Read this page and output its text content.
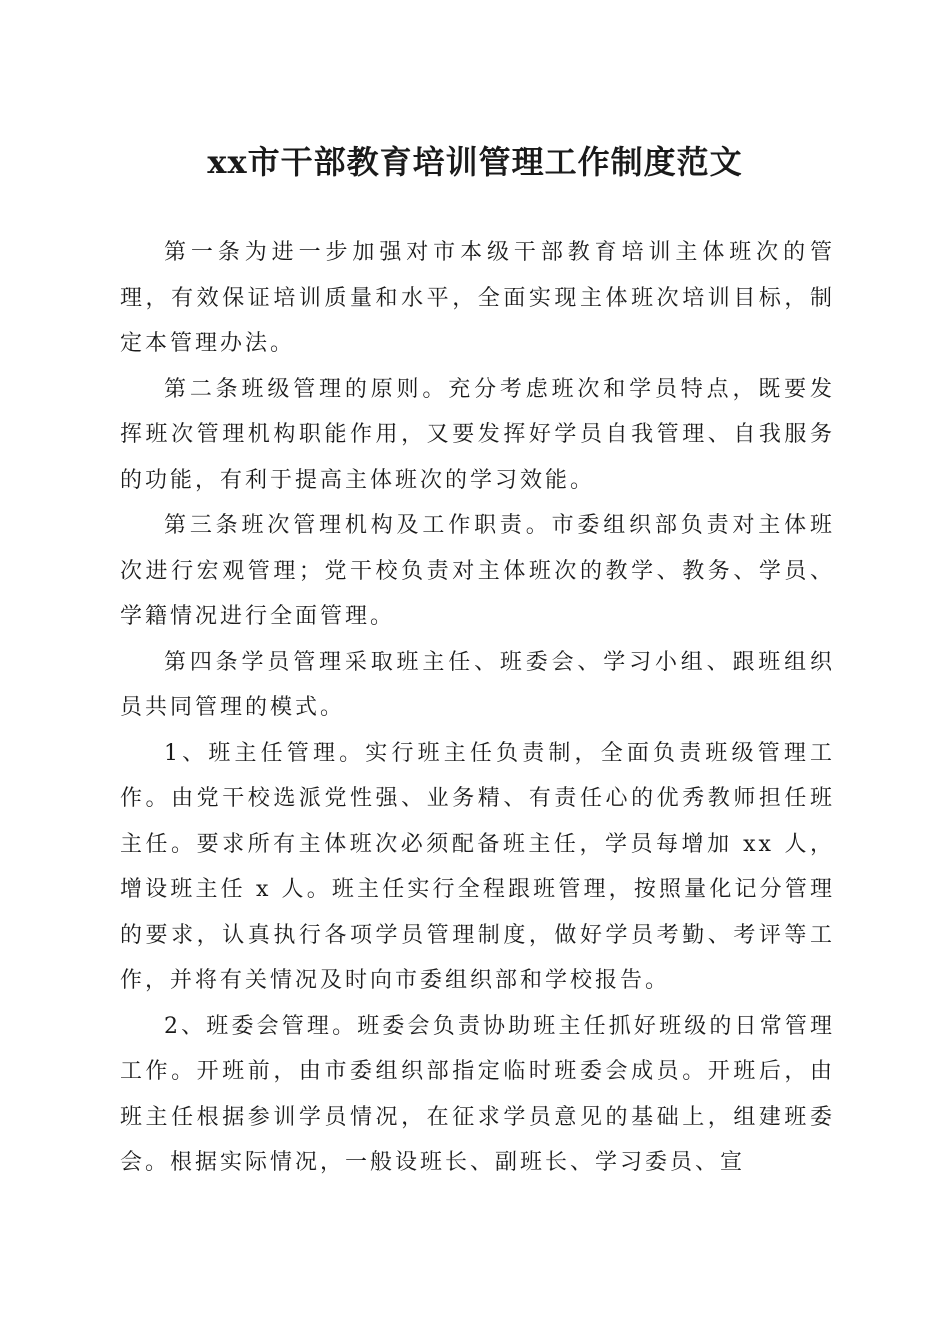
xx市干部教育培训管理工作制度范文

第一条为进一步加强对市本级干部教育培训主体班次的管理，有效保证培训质量和水平，全面实现主体班次培训目标，制定本管理办法。

第二条班级管理的原则。充分考虑班次和学员特点，既要发挥班次管理机构职能作用，又要发挥好学员自我管理、自我服务的功能，有利于提高主体班次的学习效能。

第三条班次管理机构及工作职责。市委组织部负责对主体班次进行宏观管理；党干校负责对主体班次的教学、教务、学员、学籍情况进行全面管理。

第四条学员管理采取班主任、班委会、学习小组、跟班组织员共同管理的模式。

1、班主任管理。实行班主任负责制，全面负责班级管理工作。由党干校选派党性强、业务精、有责任心的优秀教师担任班主任。要求所有主体班次必须配备班主任，学员每增加 xx 人，增设班主任 x 人。班主任实行全程跟班管理，按照量化记分管理的要求，认真执行各项学员管理制度，做好学员考勤、考评等工作，并将有关情况及时向市委组织部和学校报告。

2、班委会管理。班委会负责协助班主任抓好班级的日常管理工作。开班前，由市委组织部指定临时班委会成员。开班后，由班主任根据参训学员情况，在征求学员意见的基础上，组建班委会。根据实际情况，一般设班长、副班长、学习委员、宣
